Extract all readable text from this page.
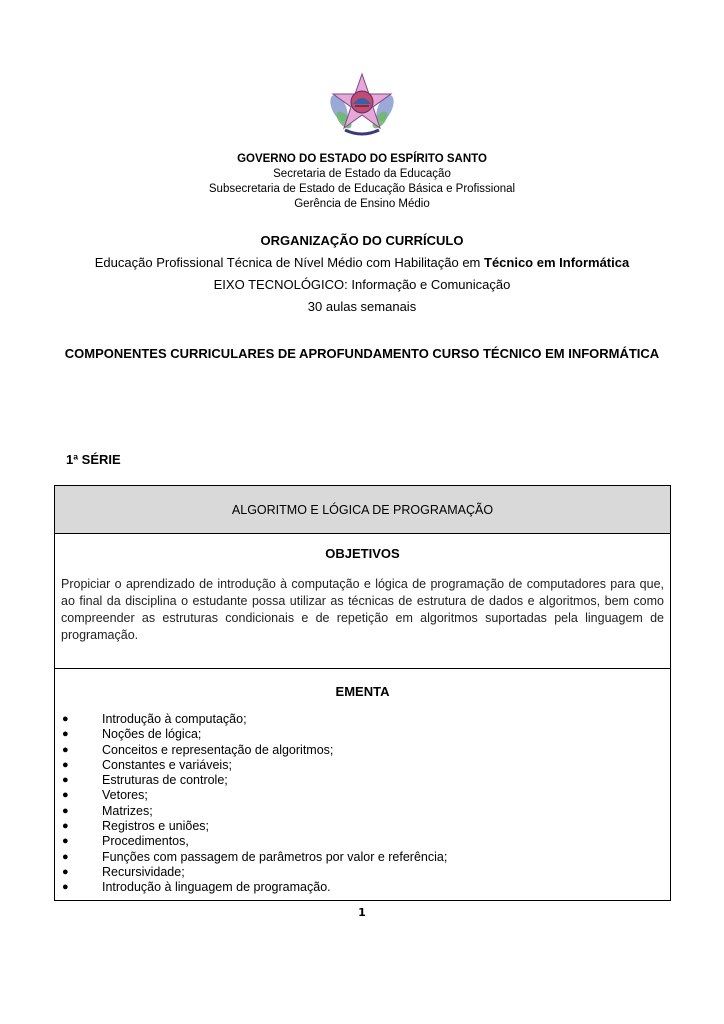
GOVERNO DO ESTADO DO ESPÍRITO SANTO
Secretaria de Estado da Educação
Subsecretaria de Estado de Educação Básica e Profissional
Gerência de Ensino Médio
ORGANIZAÇÃO DO CURRÍCULO
Educação Profissional Técnica de Nível Médio com Habilitação em Técnico em Informática
EIXO TECNOLÓGICO: Informação e Comunicação
30 aulas semanais
COMPONENTES CURRICULARES DE APROFUNDAMENTO CURSO TÉCNICO EM INFORMÁTICA
1ª SÉRIE
ALGORITMO E LÓGICA DE PROGRAMAÇÃO
OBJETIVOS
Propiciar o aprendizado de introdução à computação e lógica de programação de computadores para que, ao final da disciplina o estudante possa utilizar as técnicas de estrutura de dados e algoritmos, bem como compreender as estruturas condicionais e de repetição em algoritmos suportadas pela linguagem de programação.
EMENTA
●	Introdução à computação;
●	Noções de lógica;
●	Conceitos e representação de algoritmos;
●	Constantes e variáveis;
●	Estruturas de controle;
●	Vetores;
●	Matrizes;
●	Registros e uniões;
●	Procedimentos,
●	Funções com passagem de parâmetros por valor e referência;
●	Recursividade;
●	Introdução à linguagem de programação.
1
